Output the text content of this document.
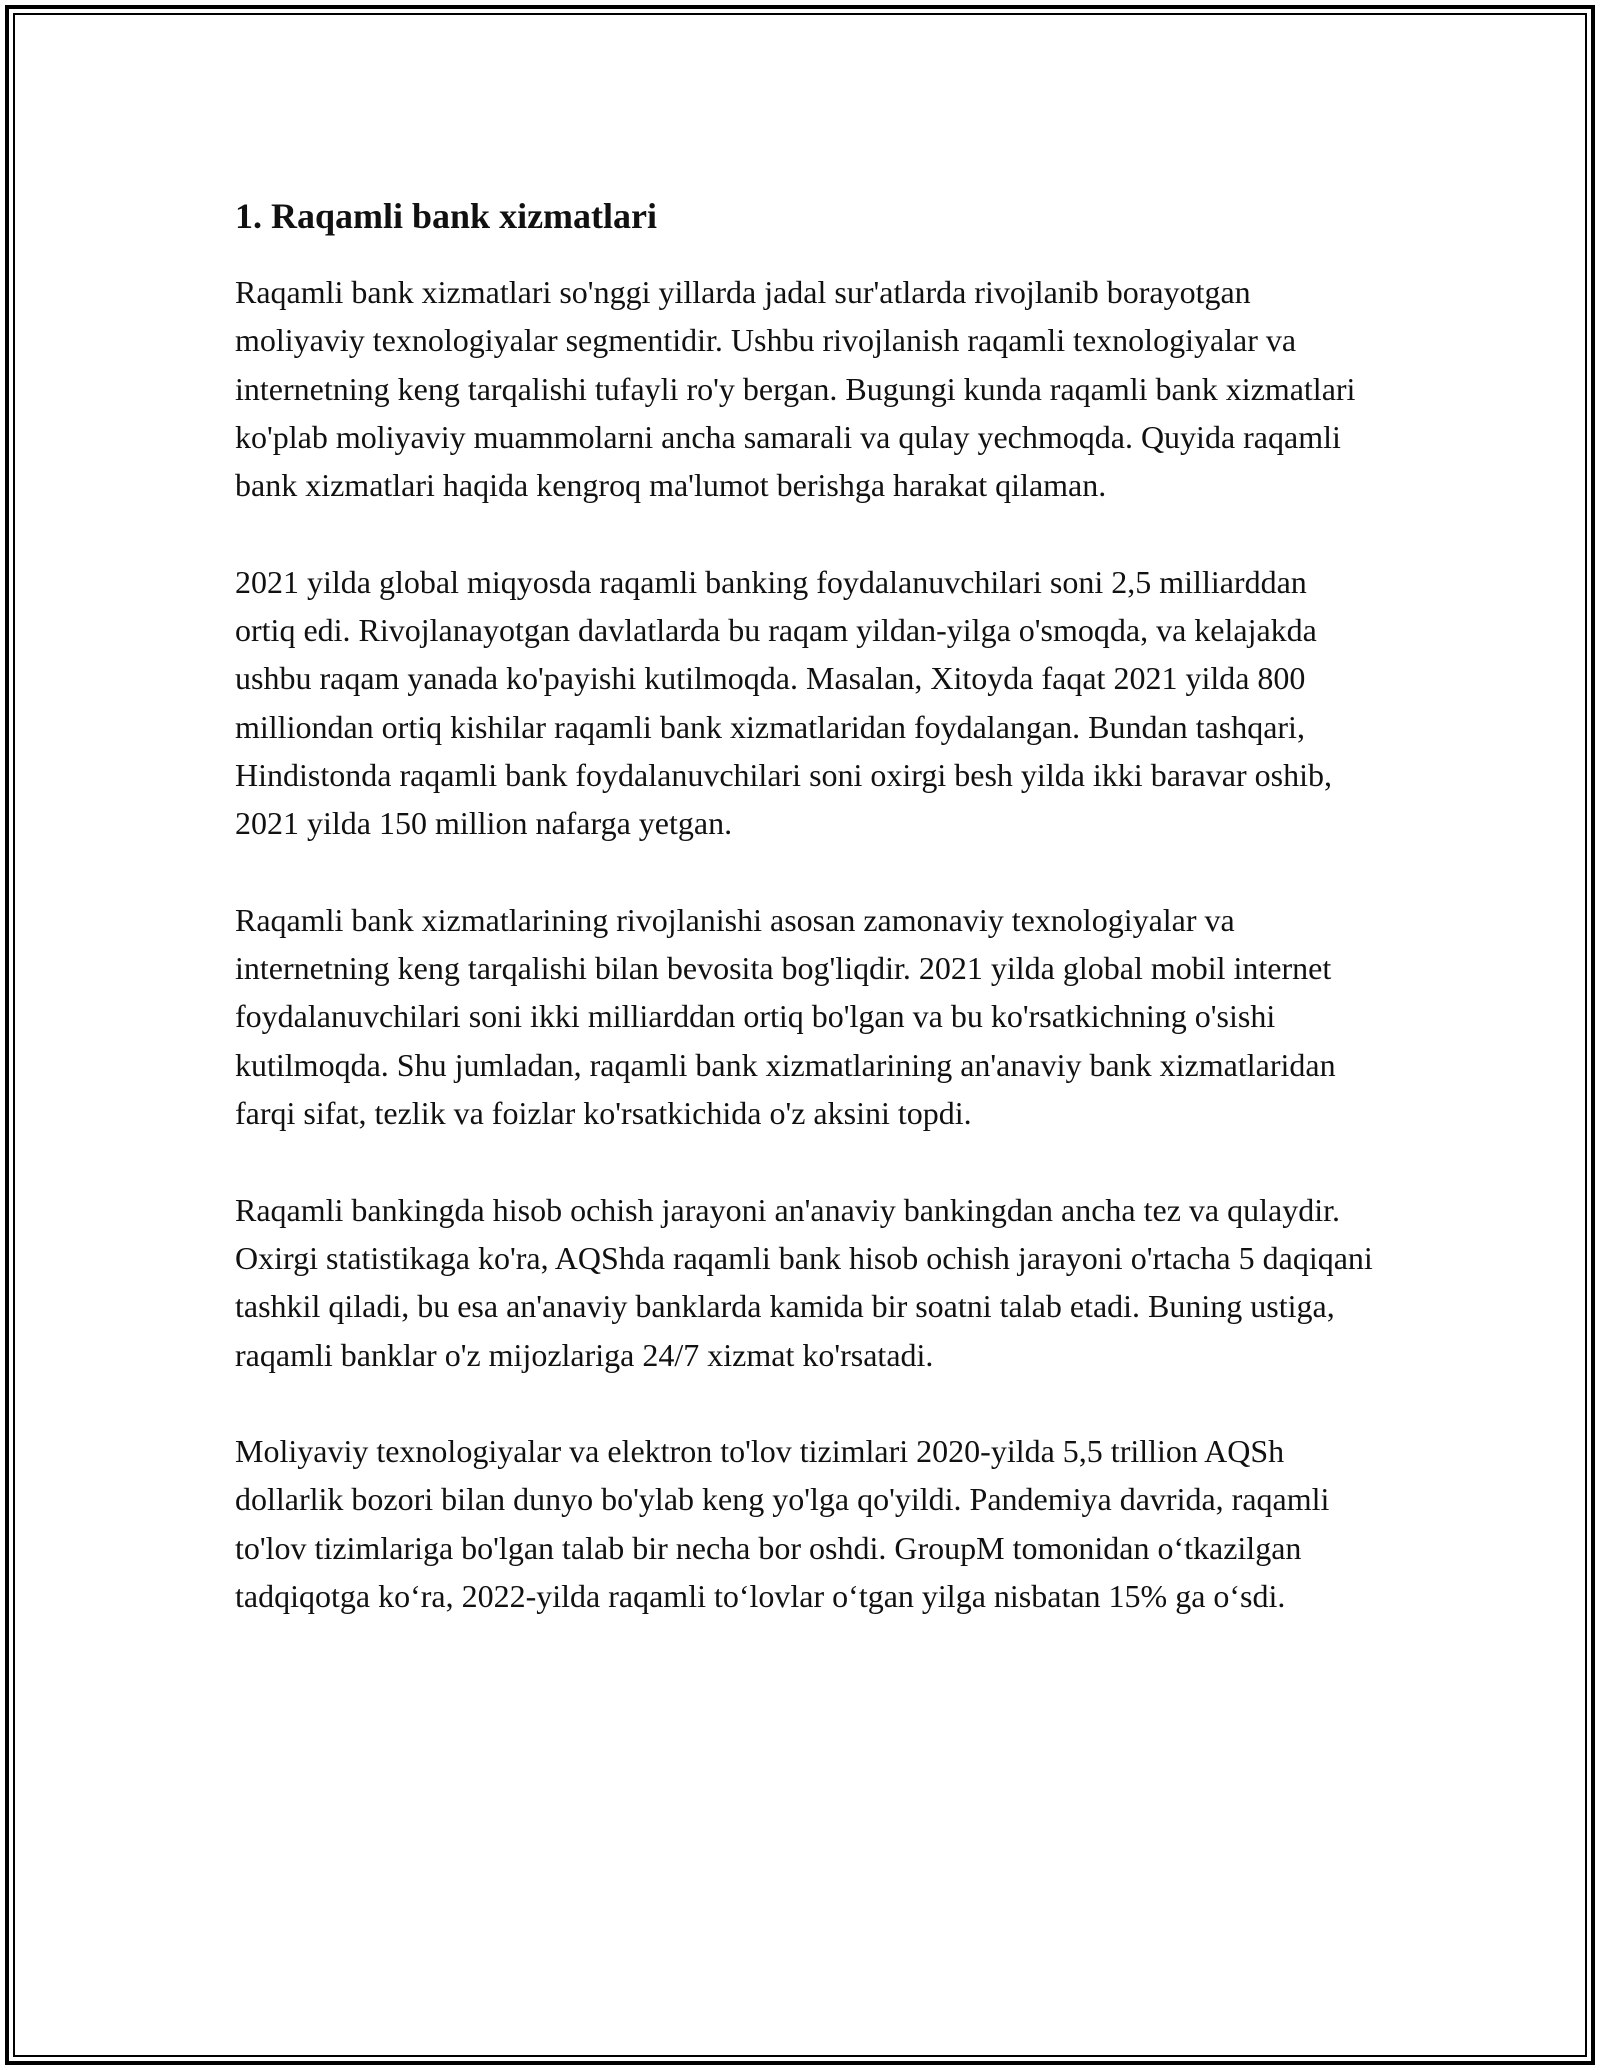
1. Raqamli bank xizmatlari

Raqamli bank xizmatlari so'nggi yillarda jadal sur'atlarda rivojlanib borayotgan moliyaviy texnologiyalar segmentidir. Ushbu rivojlanish raqamli texnologiyalar va internetning keng tarqalishi tufayli ro'y bergan. Bugungi kunda raqamli bank xizmatlari ko'plab moliyaviy muammolarni ancha samarali va qulay yechmoqda. Quyida raqamli bank xizmatlari haqida kengroq ma'lumot berishga harakat qilaman.

2021 yilda global miqyosda raqamli banking foydalanuvchilari soni 2,5 milliarddan ortiq edi. Rivojlanayotgan davlatlarda bu raqam yildan-yilga o'smoqda, va kelajakda ushbu raqam yanada ko'payishi kutilmoqda. Masalan, Xitoyda faqat 2021 yilda 800 milliondan ortiq kishilar raqamli bank xizmatlaridan foydalangan. Bundan tashqari, Hindistonda raqamli bank foydalanuvchilari soni oxirgi besh yilda ikki baravar oshib, 2021 yilda 150 million nafarga yetgan.

Raqamli bank xizmatlarining rivojlanishi asosan zamonaviy texnologiyalar va internetning keng tarqalishi bilan bevosita bog'liqdir. 2021 yilda global mobil internet foydalanuvchilari soni ikki milliarddan ortiq bo'lgan va bu ko'rsatkichning o'sishi kutilmoqda. Shu jumladan, raqamli bank xizmatlarining an'anaviy bank xizmatlaridan farqi sifat, tezlik va foizlar ko'rsatkichida o'z aksini topdi.

Raqamli bankingda hisob ochish jarayoni an'anaviy bankingdan ancha tez va qulaydir. Oxirgi statistikaga ko'ra, AQShda raqamli bank hisob ochish jarayoni o'rtacha 5 daqiqani tashkil qiladi, bu esa an'anaviy banklarda kamida bir soatni talab etadi. Buning ustiga, raqamli banklar o'z mijozlariga 24/7 xizmat ko'rsatadi.

Moliyaviy texnologiyalar va elektron to'lov tizimlari 2020-yilda 5,5 trillion AQSh dollarlik bozori bilan dunyo bo'ylab keng yo'lga qo'yildi. Pandemiya davrida, raqamli to'lov tizimlariga bo'lgan talab bir necha bor oshdi. GroupM tomonidan oʻtkazilgan tadqiqotga koʻra, 2022-yilda raqamli toʻlovlar oʻtgan yilga nisbatan 15% ga oʻsdi.
